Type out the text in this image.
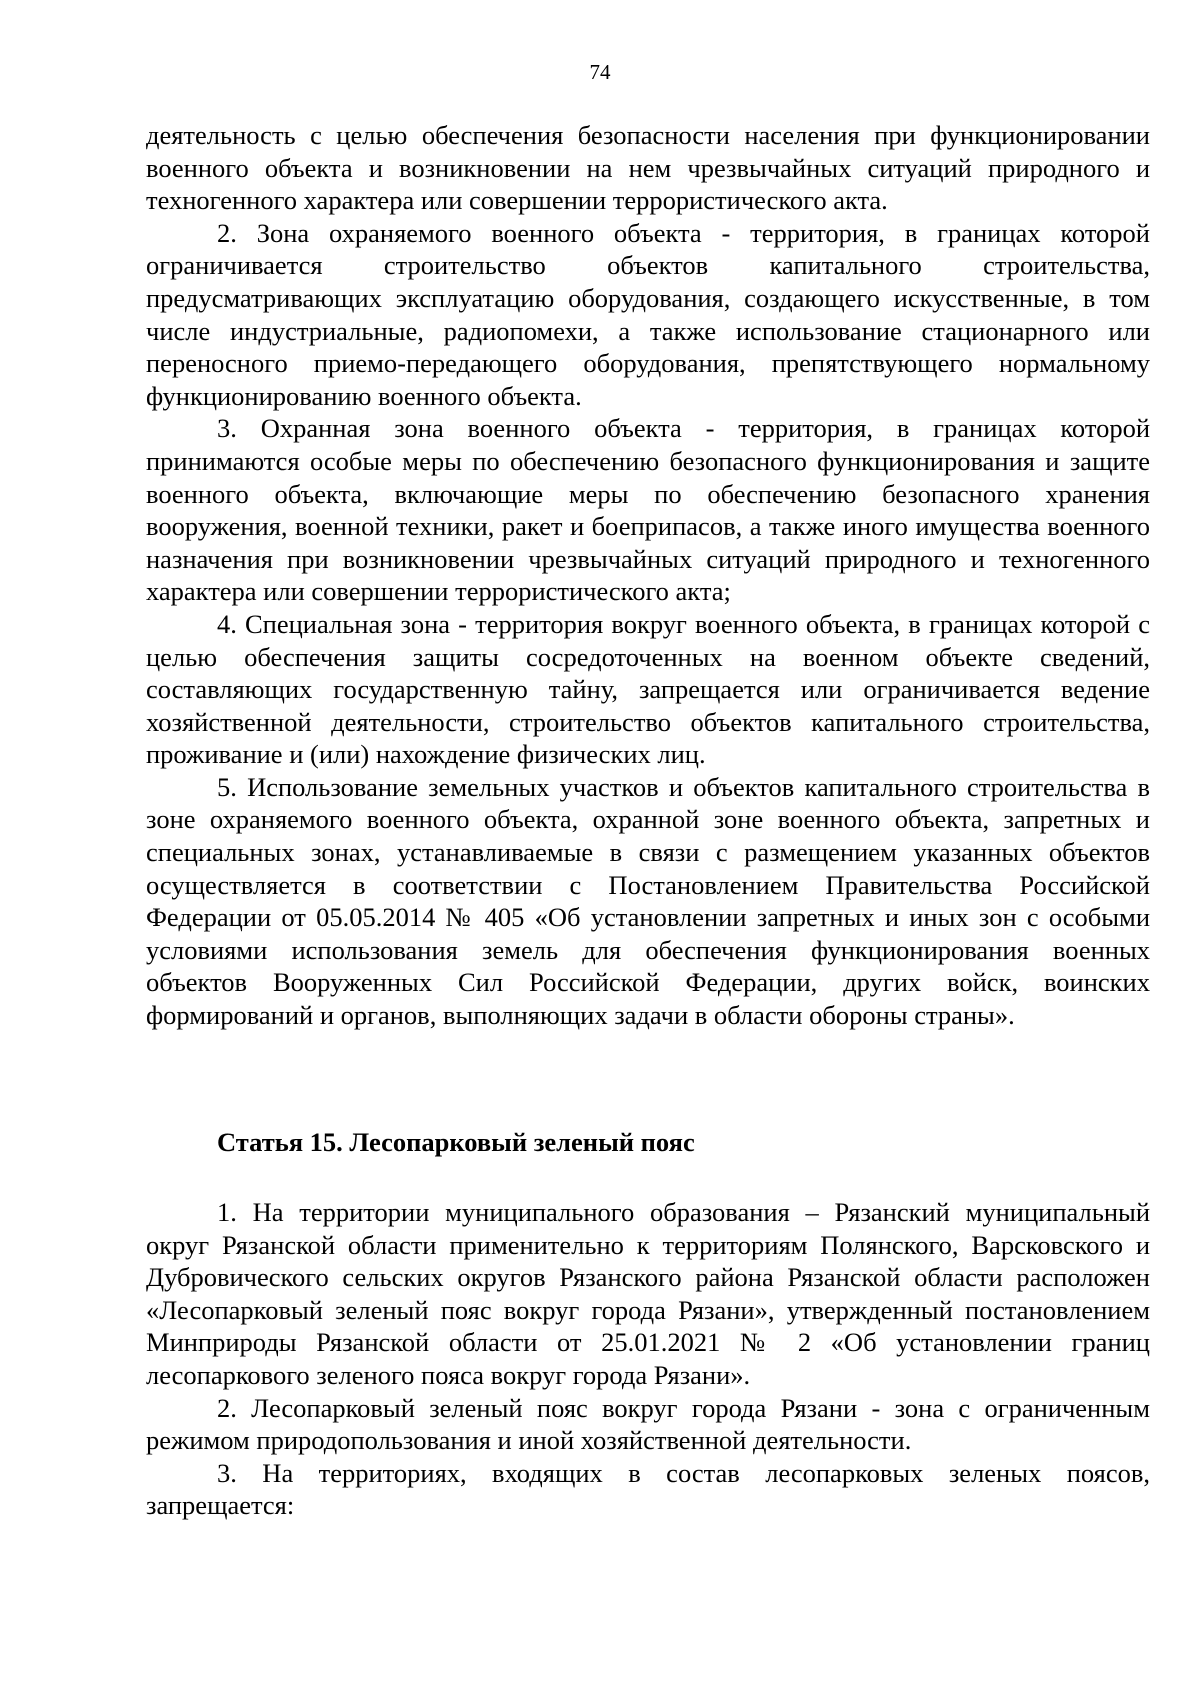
74

деятельность с целью обеспечения безопасности населения при функционировании военного объекта и возникновении на нем чрезвычайных ситуаций природного и техногенного характера или совершении террористического акта.

2. Зона охраняемого военного объекта - территория, в границах которой ограничивается строительство объектов капитального строительства, предусматривающих эксплуатацию оборудования, создающего искусственные, в том числе индустриальные, радиопомехи, а также использование стационарного или переносного приемо-передающего оборудования, препятствующего нормальному функционированию военного объекта.

3. Охранная зона военного объекта - территория, в границах которой принимаются особые меры по обеспечению безопасного функционирования и защите военного объекта, включающие меры по обеспечению безопасного хранения вооружения, военной техники, ракет и боеприпасов, а также иного имущества военного назначения при возникновении чрезвычайных ситуаций природного и техногенного характера или совершении террористического акта;

4. Специальная зона - территория вокруг военного объекта, в границах которой с целью обеспечения защиты сосредоточенных на военном объекте сведений, составляющих государственную тайну, запрещается или ограничивается ведение хозяйственной деятельности, строительство объектов капитального строительства, проживание и (или) нахождение физических лиц.

5. Использование земельных участков и объектов капитального строительства в зоне охраняемого военного объекта, охранной зоне военного объекта, запретных и специальных зонах, устанавливаемые в связи с размещением указанных объектов осуществляется в соответствии с Постановлением Правительства Российской Федерации от 05.05.2014 № 405 «Об установлении запретных и иных зон с особыми условиями использования земель для обеспечения функционирования военных объектов Вооруженных Сил Российской Федерации, других войск, воинских формирований и органов, выполняющих задачи в области обороны страны».

Статья 15. Лесопарковый зеленый пояс

1. На территории муниципального образования – Рязанский муниципальный округ Рязанской области применительно к территориям Полянского, Варсковского и Дубровичеcкого сельских округов Рязанского района Рязанской области расположен «Лесопарковый зеленый пояс вокруг города Рязани», утвержденный постановлением Минприроды Рязанской области от 25.01.2021 № 2 «Об установлении границ лесопаркового зеленого пояса вокруг города Рязани».

2. Лесопарковый зеленый пояс вокруг города Рязани - зона с ограниченным режимом природопользования и иной хозяйственной деятельности.

3. На территориях, входящих в состав лесопарковых зеленых поясов, запрещается:
